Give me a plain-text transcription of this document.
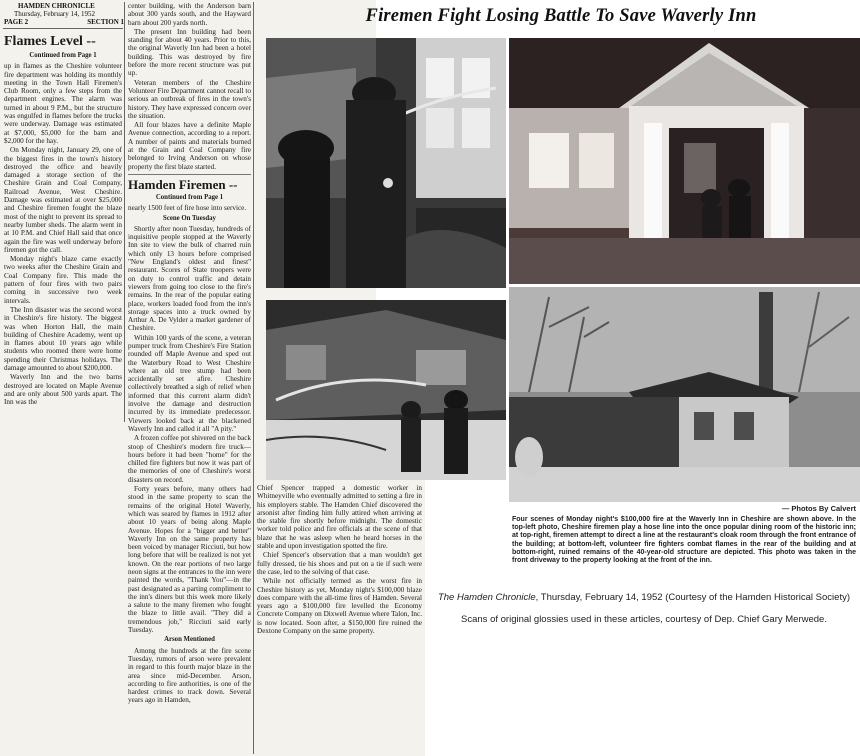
HAMDEN CHRONICLE
Thursday, February 14, 1952
PAGE 2	SECTION 1
Flames Level --
Continued from Page 1

up in flames as the Cheshire volunteer fire department was holding its monthly meeting in the Town Hall Firemen's Club Room, only a few steps from the department engines. The alarm was turned in about 9 P.M., but the structure was engulfed in flames before the trucks were underway. Damage was estimated at $7,000, $5,000 for the barn and $2,000 for the hay.

On Monday night, January 29, one of the biggest fires in the town's history destroyed the office and heavily damaged a storage section of the Cheshire Grain and Coal Company, Railroad Avenue, West Cheshire. Damage was estimated at over $25,000 and Cheshire firemen fought the blaze most of the night to prevent its spread to nearby lumber sheds. The alarm went in at 10 P.M. and Chief Hall said that once again the fire was well underway before firemen got the call.

Monday night's blaze came exactly two weeks after the Cheshire Grain and Coal Company fire. This made the pattern of four fires with two pairs coming in successive two week intervals.

The Inn disaster was the second worst in Cheshire's fire history. The biggest was when Horton Hall, the main building of Cheshire Academy, went up in flames about 10 years ago while students who roomed there were home spending their Christmas holidays. The damage amounted to about $200,000.

Waverly Inn and the two barns destroyed are located on Maple Avenue and are only about 500 yards apart. The Inn was the

center building, with the Anderson barn about 300 yards south, and the Hayward barn about 200 yards north.

The present Inn building had been standing for about 40 years. Prior to this, the original Waverly Inn had been a hotel building. This was destroyed by fire before the more recent structure was put up.

Veteran members of the Cheshire Volunteer Fire Department cannot recall to serious an outbreak of fires in the town's history. They have expressed concern over the situation.

All four blazes have a definite Maple Avenue connection, according to a report. A number of paints and materials burned at the Grain and Coal Company fire belonged to Irving Anderson on whose property the first blaze started.

Hamden Firemen --
Continued from Page 1

nearly 1500 feet of fire hose into service.

Scene On Tuesday

Shortly after noon Tuesday, hundreds of inquisitive people stopped at the Waverly Inn site to view the bulk of charred ruin which only 13 hours before comprised "New England's oldest and finest" restaurant. Scores of State troopers were on duty to control traffic and detain viewers from going too close to the fire's remains. In the rear of the popular eating place, workers loaded food from the inn's storage spaces into a truck owned by Arthur A. De Vylder a market gardener of Cheshire.

Within 100 yards of the scene, a veteran pumper truck from Cheshire's Fire Station rounded off Maple Avenue and sped out the Waterbury Road to West Cheshire where an old tree stump had been accidentally set afire. Cheshire collectively breathed a sigh of relief when informed that this current alarm didn't involve the damage and destruction incurred by its immediate predecessor. Viewers looked back at the blackened Waverly Inn and called it all "A pity."

A frozen coffee pot shivered on the back stoop of Cheshire's modern fire truck—hours before it had been "home" for the chilled fire fighters but now it was part of the memories of one of Cheshire's worst disasters on record.

Forty years before, many others had stood in the same property to scan the remains of the original Hotel Waverly, which was seared by flames in 1912 after about 10 years of being along Maple Avenue. Hopes for a "bigger and better" Waverly Inn on the same property has been voiced by manager Ricciuti, but how long before that will be realized is not yet known. On the rear portions of two large neon signs at the entrances to the inn were painted the words, "Thank You"—in the past designated as a parting compliment to the inn's diners but this week more likely a salute to the many firemen who fought the blaze to little avail. "They did a tremendous job," Ricciuti said early Tuesday.

Arson Mentioned

Among the hundreds at the fire scene Tuesday, rumors of arson were prevalent in regard to this fourth major blaze in the area since mid-December. Arson, according to fire authorities, is one of the hardest crimes to track down. Several years ago in Hamden,

Chief Spencer trapped a domestic worker in Whitneyville who eventually admitted to setting a fire in his employers stable. The Hamden Chief discovered the arsonist after finding him fully attired when arriving at the stable fire shortly before midnight. The domestic worker told police and fire officials at the scene of that blaze that he was asleep when he heard horses in the stable and upon investigation spotted the fire.

Chief Spencer's observation that a man wouldn't get fully dressed, tie his shoes and put on a tie if such were the case, led to the solving of that case.

While not officially termed as the worst fire in Cheshire history as yet, Monday night's $100,000 blaze does compare with the all-time fires of Hamden. Several years ago a $100,000 fire levelled the Economy Concrete Company on Dixwell Avenue where Talon, Inc. is now located. Soon after, a $150,000 fire ruined the Dextone Company on the same property.

Firemen Fight Losing Battle To Save Waverly Inn
— Photos By Calvert
Four scenes of Monday night's $100,000 fire at the Waverly Inn in Cheshire are shown above. In the top-left photo, Cheshire firemen play a hose line into the once popular dining room of the historic inn; at top-right, firemen attempt to direct a line at the restaurant's cloak room through the front entrance of the building; at bottom-left, volunteer fire fighters combat flames in the rear of the building and at bottom-right, ruined remains of the 40-year-old structure are depicted. This photo was taken in the front driveway to the property looking at the front of the inn.
The Hamden Chronicle, Thursday, February 14, 1952 (Courtesy of the Hamden Historical Society)
Scans of original glossies used in these articles, courtesy of Dep. Chief Gary Merwede.
